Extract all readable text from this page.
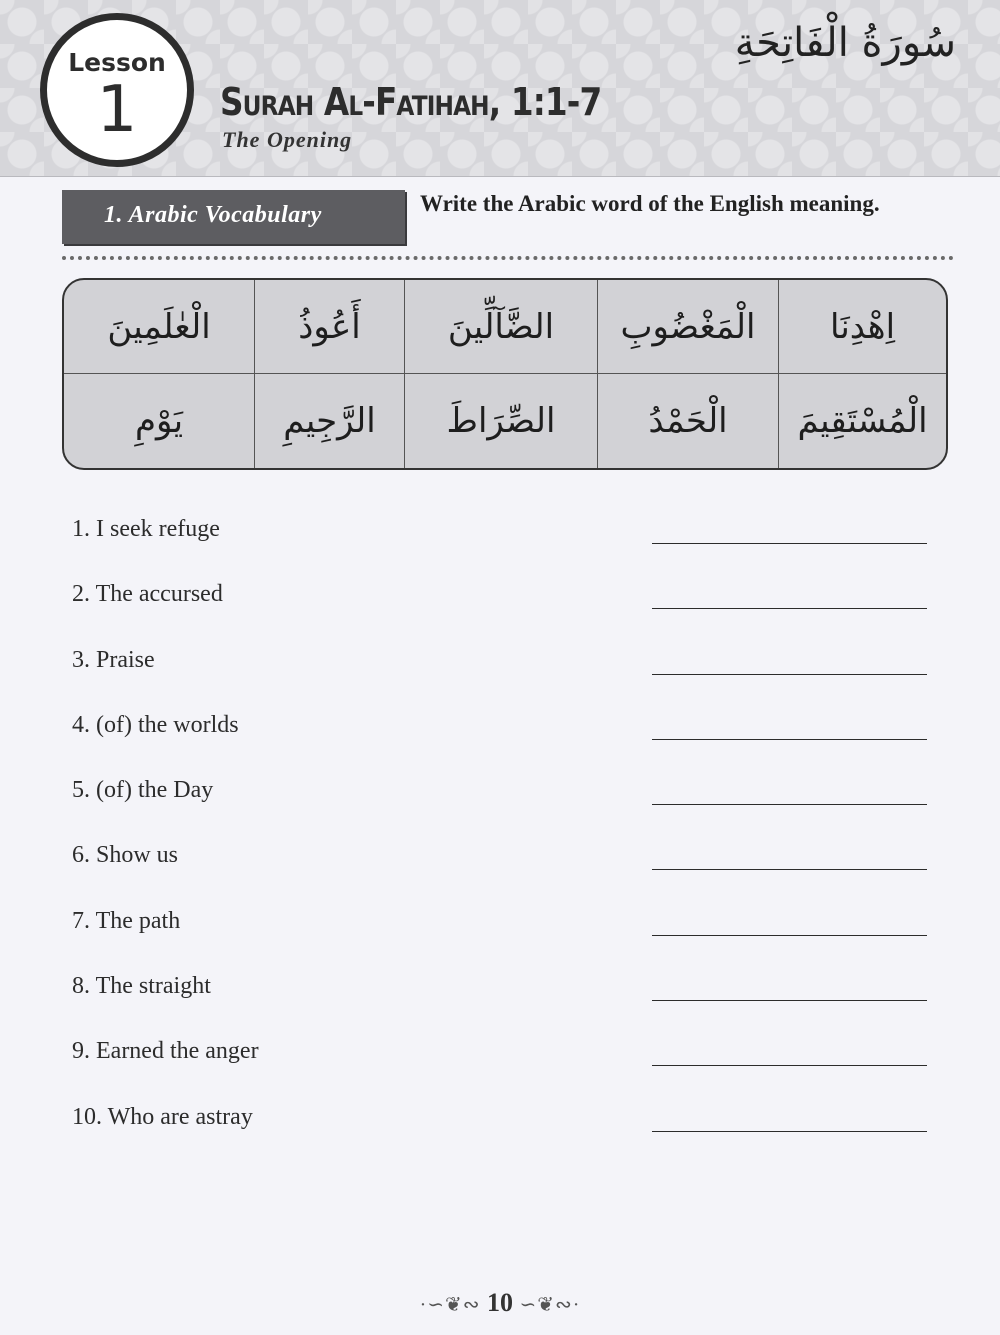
Lesson
1	Surah Al-Fatihah, 1:1-7
The Opening
سُورَةُ الْفَاتِحَةِ
1. Arabic Vocabulary	Write the Arabic word of the English meaning.
الْعٰلَمِينَ	أَعُوذُ	الضَّآلِّينَ	الْمَغْضُوبِ	اِهْدِنَا
يَوْمِ	الرَّجِيمِ	الصِّرَاطَ	الْحَمْدُ	الْمُسْتَقِيمَ
1. I seek refuge
2. The accursed
3. Praise
4. (of) the worlds
5. (of) the Day
6. Show us
7. The path
8. The straight
9. Earned the anger
10. Who are astray
·∽❦∾ 10 ∽❦∾·
